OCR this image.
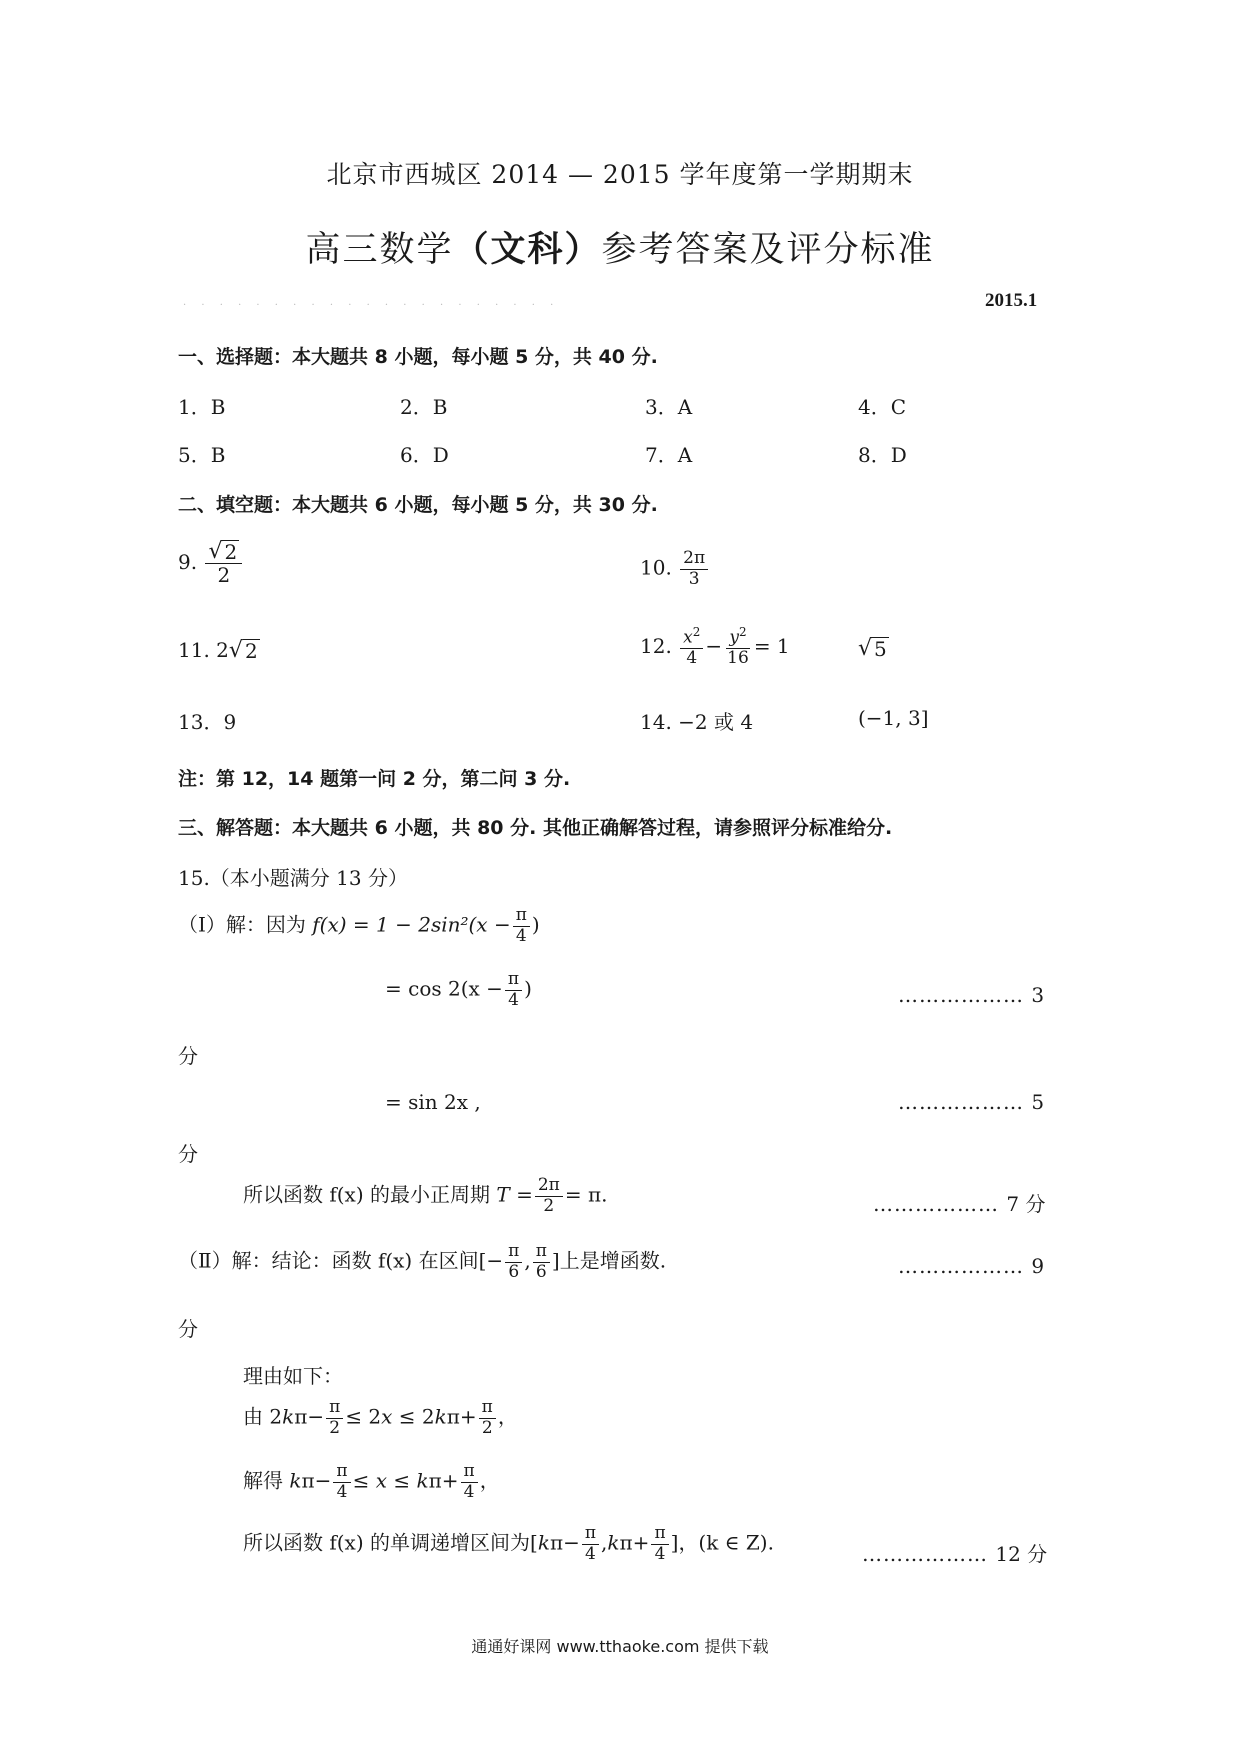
北京市西城区 2014 — 2015 学年度第一学期期末
高三数学（文科）参考答案及评分标准
· · · · · · · · · · · · · · · · · · · · ·	2015.1
一、选择题：本大题共 8 小题，每小题 5 分，共 40 分.
1．B	2．B	3．A	4．C
5．B	6．D	7．A	8．D
二、填空题：本大题共 6 小题，每小题 5 分，共 30 分.
9. $\frac{√ 2}{2}$	10. $\frac{2\pi}{3}$
11. 2 √ 2	12. $\frac{x^2}{4} - \frac{y^2}{16} = 1$	√ 5
13．9	14. −2 或 4	(−1, 3]
注：第 12，14 题第一问 2 分，第二问 3 分.
三、解答题：本大题共 6 小题，共 80 分. 其他正确解答过程，请参照评分标准给分.
15.（本小题满分 13 分）
（Ⅰ）解：因为 $f(x) = 1 - 2\sin^2(x - \frac{\pi}{4}$ )
= $\cos 2(x - \frac{\pi}{4}$ )	……………… 3
分
= sin 2x ,	……………… 5
分
所以函数 f(x) 的最小正周期 $T = \frac{2\pi}{2} = \pi$.	……………… 7 分
（Ⅱ）解：结论：函数 f(x) 在区间[− $\frac{\pi}{6}$ , $\frac{\pi}{6}$ ]上是增函数.	……………… 9
分
理由如下：
由 $2k\pi- \frac{\pi}{2} \le 2x \le 2k\pi+ \frac{\pi}{2}$ ，
解得 $k\pi- \frac{\pi}{4} \le x \le k\pi+ \frac{\pi}{4}$ ，
所以函数 f(x) 的单调递增区间为[$k\pi- \frac{\pi}{4} ,k\pi+ \frac{\pi}{4}$ ]，(k ∈ Z).	……………… 12 分
通通好课网 www.tthaoke.com 提供下载
